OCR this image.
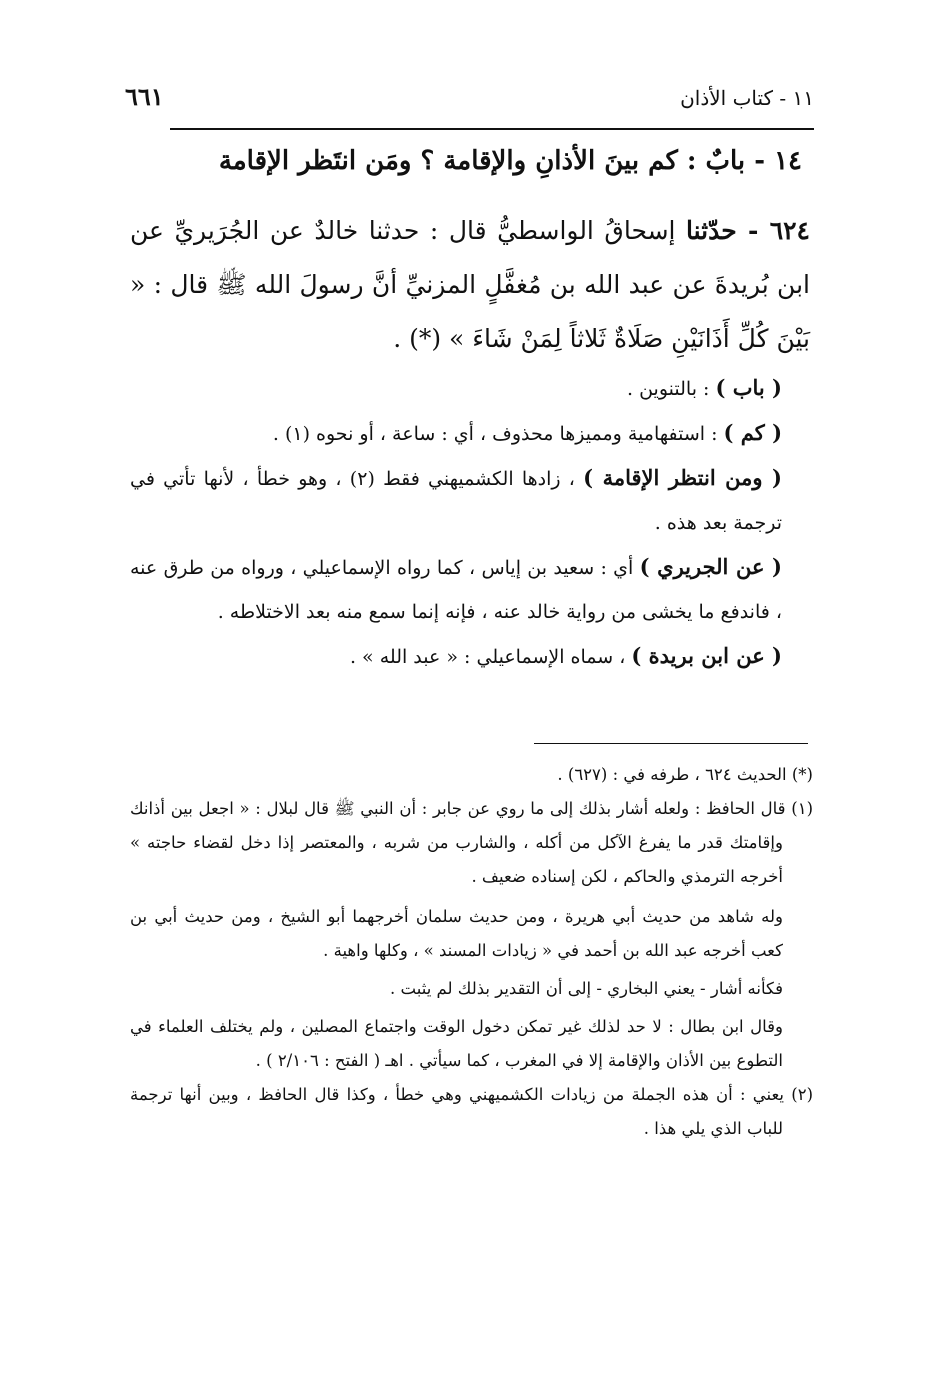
١١ - كتاب الأذان
٦٦١
١٤ - بابٌ : كم بينَ الأذانِ والإقامة ؟ ومَن انتَظر الإقامة
٦٢٤ - حدّثنا إسحاقُ الواسطيُّ قال : حدثنا خالدٌ عن الجُرَيريِّ عن ابن بُريدةَ عن عبد الله بن مُغفَّلٍ المزنيِّ أنَّ رسولَ الله ﷺ قال : « بَيْنَ كُلِّ أَذَانَيْنِ صَلَاةٌ ثَلاثاً لِمَنْ شَاءَ » (*) .

( باب ) : بالتنوين .

( كم ) : استفهامية ومميزها محذوف ، أي : ساعة ، أو نحوه (١) .

( ومن انتظر الإقامة ) ، زادها الكشميهني فقط (٢) ، وهو خطأ ، لأنها تأتي في ترجمة بعد هذه .

( عن الجريري ) أي : سعيد بن إياس ، كما رواه الإسماعيلي ، ورواه من طرق عنه ، فاندفع ما يخشى من رواية خالد عنه ، فإنه إنما سمع منه بعد الاختلاطه .

( عن ابن بريدة ) ، سماه الإسماعيلي : « عبد الله » .

(*) الحديث ٦٢٤ ، طرفه في : (٦٢٧) .

(١) قال الحافظ : ولعله أشار بذلك إلى ما روي عن جابر : أن النبي ﷺ قال لبلال : « اجعل بين أذانك وإقامتك قدر ما يفرغ الآكل من أكله ، والشارب من شربه ، والمعتصر إذا دخل لقضاء حاجته » أخرجه الترمذي والحاكم ، لكن إسناده ضعيف .

وله شاهد من حديث أبي هريرة ، ومن حديث سلمان أخرجهما أبو الشيخ ، ومن حديث أبي بن كعب أخرجه عبد الله بن أحمد في « زيادات المسند » ، وكلها واهية .

فكأنه أشار - يعني البخاري - إلى أن التقدير بذلك لم يثبت .

وقال ابن بطال : لا حد لذلك غير تمكن دخول الوقت واجتماع المصلين ، ولم يختلف العلماء في التطوع بين الأذان والإقامة إلا في المغرب ، كما سيأتي . اهـ ( الفتح : ٢/١٠٦ ) .

(٢) يعني : أن هذه الجملة من زيادات الكشميهني وهي خطأ ، وكذا قال الحافظ ، وبين أنها ترجمة للباب الذي يلي هذا .
